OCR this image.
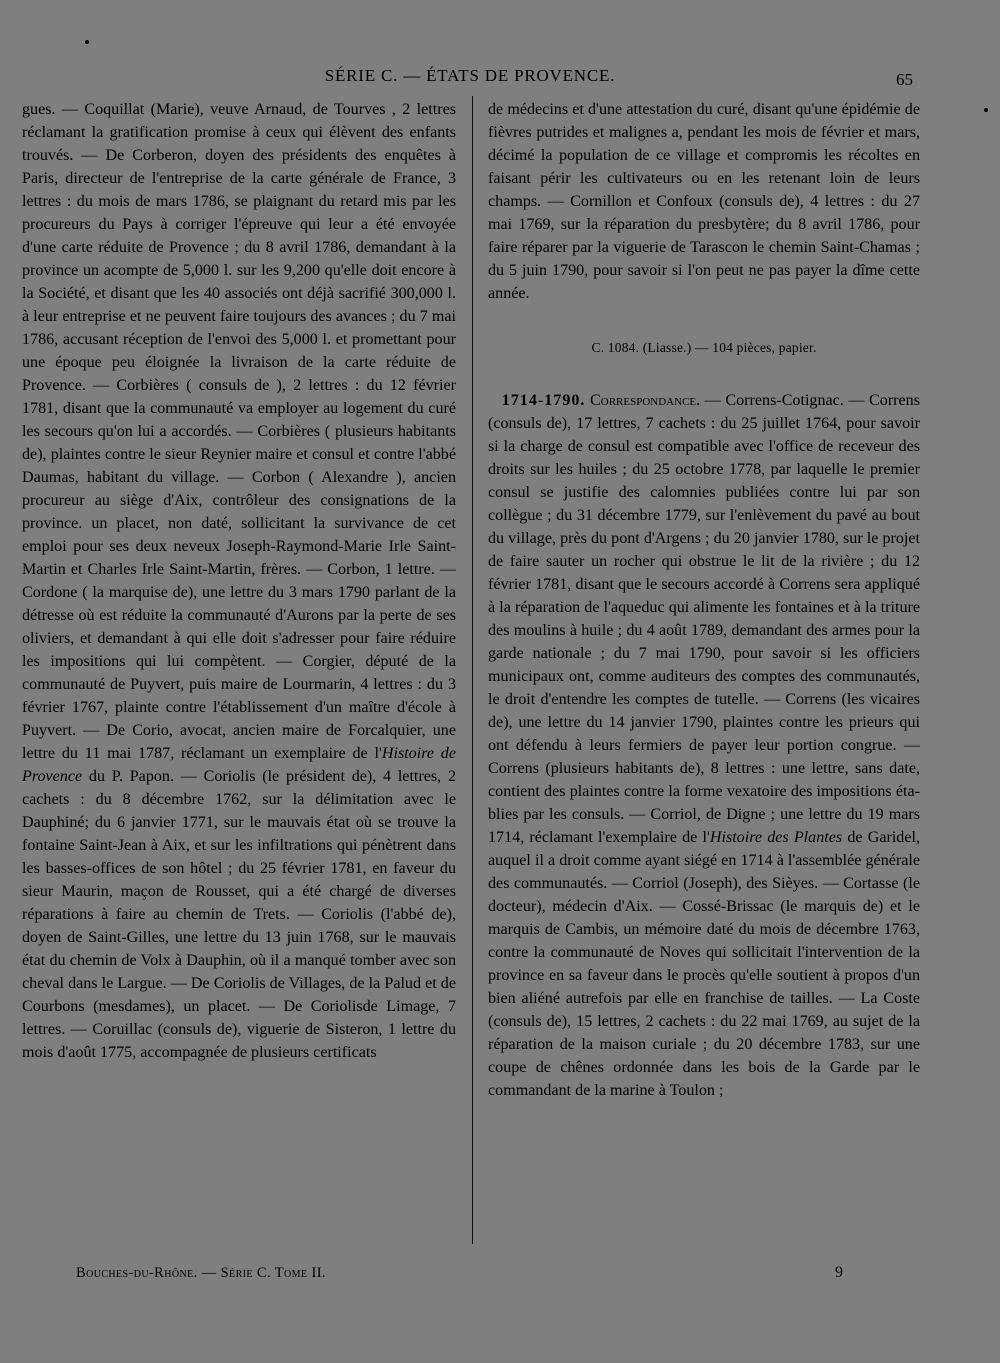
SÉRIE C. — ÉTATS DE PROVENCE.	65

gues. — Coquillat (Marie), veuve Arnaud, de Tourves , 2 lettres réclamant la gratification promise à ceux qui élèvent des enfants trouvés. — De Corberon, doyen des présidents des enquêtes à Paris, directeur de l'entreprise de la carte générale de France, 3 lettres : du mois de mars 1786, se plaignant du retard mis par les procureurs du Pays à corriger l'épreuve qui leur a été envoyée d'une carte réduite de Provence ; du 8 avril 1786, demandant à la province un acompte de 5,000 l. sur les 9,200 qu'elle doit encore à la Société, et disant que les 40 associés ont déjà sacrifié 300,000 l. à leur entreprise et ne peuvent faire toujours des avances ; du 7 mai 1786, accusant réception de l'envoi des 5,000 l. et promettant pour une époque peu éloignée la livraison de la carte réduite de Provence. — Corbières ( consuls de ), 2 lettres : du 12 février 1781, disant que la communauté va employer au logement du curé les secours qu'on lui a accordés. — Corbières ( plusieurs habitants de), plaintes contre le sieur Reynier maire et consul et contre l'abbé Daumas, habitant du village. — Corbon ( Alexandre ), ancien procureur au siège d'Aix, contrôleur des consignations de la province. un placet, non daté, sollicitant la survivance de cet emploi pour ses deux neveux Joseph-Raymond-Marie Irle Saint-Martin et Charles Irle Saint-Martin, frères. — Corbon, 1 lettre. — Cordone ( la marquise de), une lettre du 3 mars 1790 parlant de la détresse où est réduite la communauté d'Aurons par la perte de ses oliviers, et demandant à qui elle doit s'adresser pour faire réduire les impositions qui lui compètent. — Corgier, député de la communauté de Puyvert, puis maire de Lourmarin, 4 lettres : du 3 février 1767, plainte contre l'établissement d'un maître d'école à Puyvert. — De Corio, avocat, ancien maire de Forcalquier, une lettre du 11 mai 1787, réclamant un exemplaire de l'Histoire de Provence du P. Papon. — Coriolis (le président de), 4 lettres, 2 cachets : du 8 décembre 1762, sur la délimitation avec le Dauphiné; du 6 janvier 1771, sur le mauvais état où se trouve la fontaine Saint-Jean à Aix, et sur les infiltrations qui pénètrent dans les basses-offices de son hôtel ; du 25 février 1781, en faveur du sieur Maurin, maçon de Rousset, qui a été chargé de diverses réparations à faire au chemin de Trets. — Coriolis (l'abbé de), doyen de Saint-Gilles, une lettre du 13 juin 1768, sur le mauvais état du chemin de Volx à Dauphin, où il a manqué tomber avec son cheval dans le Largue. — De Coriolis de Villages, de la Palud et de Courbons (mesdames), un placet. — De Coriolisde Limage, 7 lettres. — Coruillac (consuls de), viguerie de Sisteron, 1 lettre du mois d'août 1775, accompagnée de plusieurs certificats

de médecins et d'une attestation du curé, disant qu'une épidémie de fièvres putrides et malignes a, pendant les mois de février et mars, décimé la population de ce village et compromis les récoltes en faisant périr les cultivateurs ou en les retenant loin de leurs champs. — Cornillon et Confoux (consuls de), 4 lettres : du 27 mai 1769, sur la réparation du presbytère; du 8 avril 1786, pour faire réparer par la viguerie de Tarascon le chemin Saint-Chamas ; du 5 juin 1790, pour savoir si l'on peut ne pas payer la dîme cette année.

C. 1084. (Liasse.) — 104 pièces, papier.

1714-1790. Correspondance. — Correns-Cotignac. — Correns (consuls de), 17 lettres, 7 cachets : du 25 juillet 1764, pour savoir si la charge de consul est compatible avec l'office de receveur des droits sur les huiles ; du 25 octobre 1778, par laquelle le premier consul se justifie des calomnies publiées contre lui par son collègue ; du 31 décembre 1779, sur l'enlèvement du pavé au bout du village, près du pont d'Argens ; du 20 janvier 1780, sur le projet de faire sauter un rocher qui obstrue le lit de la rivière ; du 12 février 1781, disant que le secours accordé à Correns sera appliqué à la réparation de l'aqueduc qui alimente les fontaines et à la triture des moulins à huile ; du 4 août 1789, demandant des armes pour la garde nationale ; du 7 mai 1790, pour savoir si les officiers municipaux ont, comme auditeurs des comptes des communautés, le droit d'entendre les comptes de tutelle. — Correns (les vicaires de), une lettre du 14 janvier 1790, plaintes contre les prieurs qui ont défendu à leurs fermiers de payer leur portion congrue. — Correns (plusieurs habitants de), 8 lettres : une lettre, sans date, contient des plaintes contre la forme vexatoire des impositions établies par les consuls. — Corriol, de Digne ; une lettre du 19 mars 1714, réclamant l'exemplaire de l'Histoire des Plantes de Garidel, auquel il a droit comme ayant siégé en 1714 à l'assemblée générale des communautés. — Corriol (Joseph), des Sièyes. — Cortasse (le docteur), médecin d'Aix. — Cossé-Brissac (le marquis de) et le marquis de Cambis, un mémoire daté du mois de décembre 1763, contre la communauté de Noves qui sollicitait l'intervention de la province en sa faveur dans le procès qu'elle soutient à propos d'un bien aliéné autrefois par elle en franchise de tailles. — La Coste (consuls de), 15 lettres, 2 cachets : du 22 mai 1769, au sujet de la réparation de la maison curiale ; du 20 décembre 1783, sur une coupe de chênes ordonnée dans les bois de la Garde par le commandant de la marine à Toulon ;

Bouches-du-Rhône. — Série C. Tome II.	9
